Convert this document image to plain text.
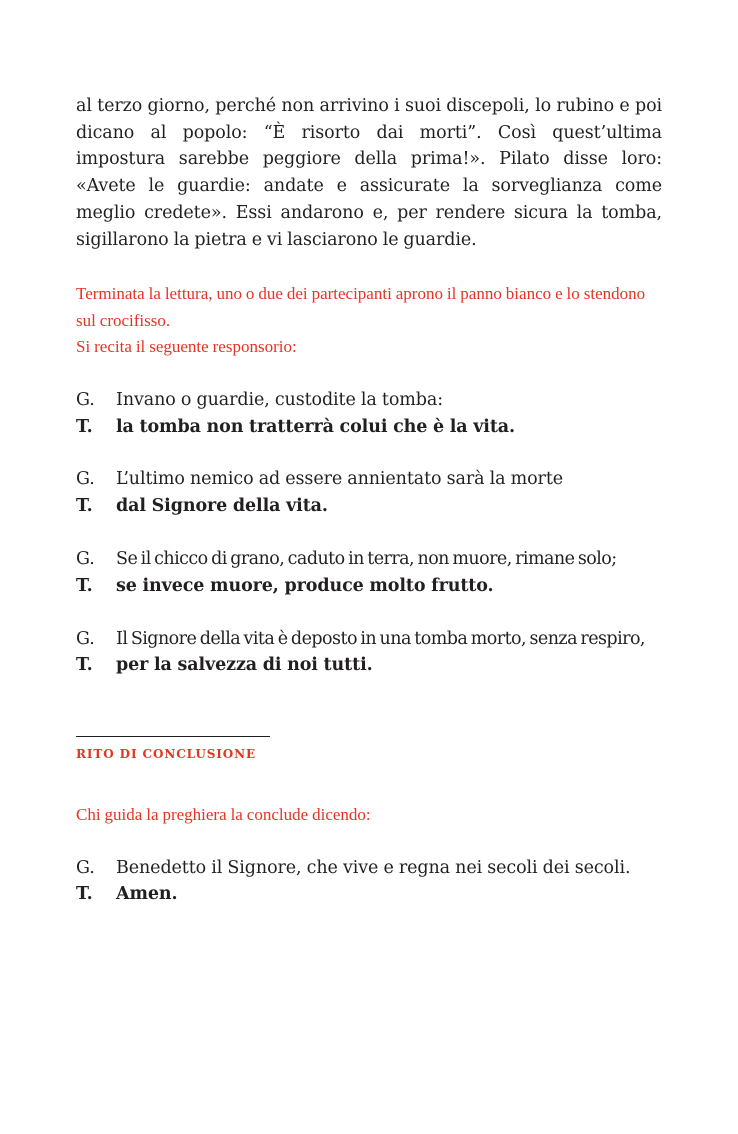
al terzo giorno, perché non arrivino i suoi discepoli, lo rubino e poi dicano al popolo: “È risorto dai morti”. Così quest’ultima impostura sarebbe peggiore della prima!». Pilato disse loro: «Avete le guardie: andate e assicurate la sorveglianza come meglio credete». Essi andarono e, per rendere sicura la tomba, sigillarono la pietra e vi lasciarono le guardie.

Terminata la lettura, uno o due dei partecipanti aprono il panno bianco e lo stendono sul crocifisso.

Si recita il seguente responsorio:

G.	Invano o guardie, custodite la tomba:
T.	la tomba non tratterrà colui che è la vita.
G.	L’ultimo nemico ad essere annientato sarà la morte
T.	dal Signore della vita.
G.	Se il chicco di grano, caduto in terra, non muore, rimane solo;
T.	se invece muore, produce molto frutto.
G.	Il Signore della vita è deposto in una tomba morto, senza respiro,
T.	per la salvezza di noi tutti.
RITO DI CONCLUSIONE

Chi guida la preghiera la conclude dicendo:

G.	Benedetto il Signore, che vive e regna nei secoli dei secoli.
T.	Amen.
